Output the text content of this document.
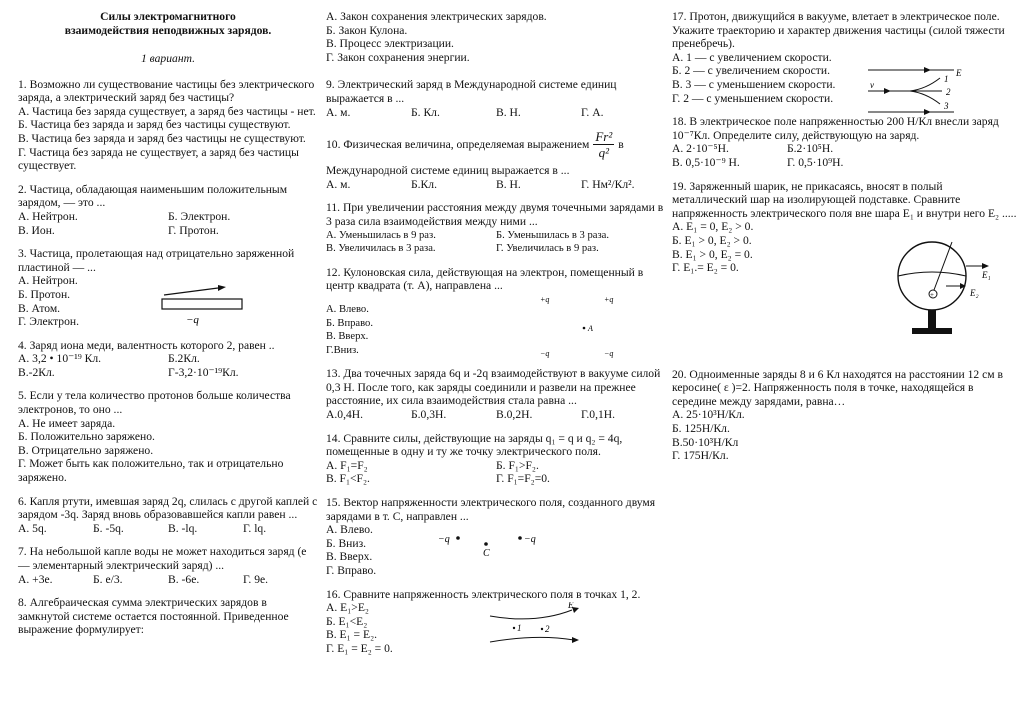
Силы электромагнитного
взаимодействия неподвижных зарядов.
1 вариант.

1. Возможно ли существование частицы без электрического заряда, а электрический заряд без частицы?

А. Частица без заряда существует, а заряд без частицы - нет.

Б. Частица без заряда и заряд без частицы существуют.

В. Частица без заряда и заряд без частицы не существуют.

Г. Частица без заряда не существует, а заряд без частицы существует.

2. Частица, обладающая наименьшим положительным зарядом, — это ...

А. Нейтрон.	Б. Электрон.
В. Ион.	Г. Протон.

3. Частица, пролетающая над отрицательно заряженной пластиной — ...

А. Нейтрон.

Б. Протон.

В. Атом.

Г. Электрон.	−q

4. Заряд иона меди, валентность которого 2, равен ..

А. 3,2 • 10⁻¹⁹ Кл.	Б.2Кл.
В.-2Кл.	Г-3,2·10⁻¹⁹Кл.

5. Если у тела количество протонов больше количества электронов, то оно ...

А. Не имеет заряда.

Б. Положительно заряжено.

В. Отрицательно заряжено.

Г. Может быть как положительно, так и отрицательно заряжено.

6. Капля ртути, имевшая заряд 2q, слилась с другой каплей с зарядом -3q. Заряд вновь образовавшейся капли равен ...

А. 5q.	Б. -5q.	В. -lq.	Г. lq.

7. На небольшой капле воды не может находиться заряд (е — элементарный электрический заряд) ...

А. +3е.	Б. е/3.	В. -6е.	Г. 9е.

8. Алгебраическая сумма электрических зарядов в замкнутой системе остается постоянной. Приведенное выражение формулирует:

А. Закон сохранения электрических зарядов.

Б. Закон Кулона.

В. Процесс электризации.

Г. Закон сохранения энергии.

9. Электрический заряд в Международной системе единиц выражается в ...

А. м.	Б. Кл.	В. Н.	Г. А.

10. Физическая величина, определяемая выражением $\frac{\text{Fr²}}{\text{q²}}$ в

Международной системе единиц выражается в ...

А. м.	Б.Кл.	В. Н.	Г. Нм²/Кл².

11. При увеличении расстояния между двумя точечными зарядами в 3 раза сила взаимодействия между ними ...

А. Уменьшилась в 9 раз.	Б. Уменьшилась в 3 раза.
В. Увеличилась в 3 раза.	Г. Увеличилась в 9 раз.

12. Кулоновская сила, действующая на электрон, помещенный в центр квадрата (т. А), направлена ...

А. Влево.

Б. Вправо.

В. Вверх.

Г.Вниз.

+q	+q
A
−q	−q

13. Два точечных заряда 6q и -2q взаимодействуют в вакууме силой 0,3 Н. После того, как заряды соединили и развели на прежнее расстояние, их сила взаимодействия стала равна ...

А.0,4Н.	Б.0,3Н.	В.0,2Н.	Г.0,1Н.

14. Сравните силы, действующие на заряды q₁ = q и q₂ = 4q, помещенные в одну и ту же точку электрического поля.

А. F₁=F₂	Б. F₁>F₂.
В. F₁<F₂.	Г. F₁=F₂=0.

15. Вектор напряженности электрического поля, созданного двумя зарядами в т. С, направлен ...

А. Влево.

Б. Вниз.

В. Вверх.

Г. Вправо.

−q
C
−q

16. Сравните напряженность электрического поля в точках 1, 2.

А. E₁>E₂

Б. E₁<E₂

В. E₁ = E₂.

Г. E₁ = E₂ = 0.

E
1	2

17. Протон, движущийся в вакууме, влетает в электрическое поле. Укажите траекторию и характер движения частицы (силой тяжести пренебречь).

А. 1 — с увеличением скорости.

Б. 2 — с увеличением скорости.

В. 3 — с уменьшением скорости.

Г. 2 — с уменьшением скорости.

E
v
1
2
3

18. В электрическое поле напряженностью 200 Н/Кл внесли заряд 10⁻⁷Кл. Определите силу, действующую на заряд.

А. 2·10⁻⁵Н.	Б.2·10⁵Н.
В. 0,5·10⁻⁹ Н.	Г. 0,5·10⁹Н.

19. Заряженный шарик, не прикасаясь, вносят в полый металлический шар на изолирующей подставке. Сравните напряженность электрического поля вне шара E₁ и внутри него E₂ .....

А. E₁ = 0, E₂ > 0.

Б. E₁ > 0, E₂ > 0.

В. E₁ > 0, E₂ = 0.

Г. E₁.= E₂ = 0.

+
E₁
E₂

20. Одноименные заряды 8 и 6 Кл находятся на расстоянии 12 см в керосине( ε )=2. Напряженность поля в точке, находящейся в середине между зарядами, равна…

А. 25·10³Н/Кл.

Б. 125Н/Кл.

В.50·10³Н/Кл

Г. 175Н/Кл.
